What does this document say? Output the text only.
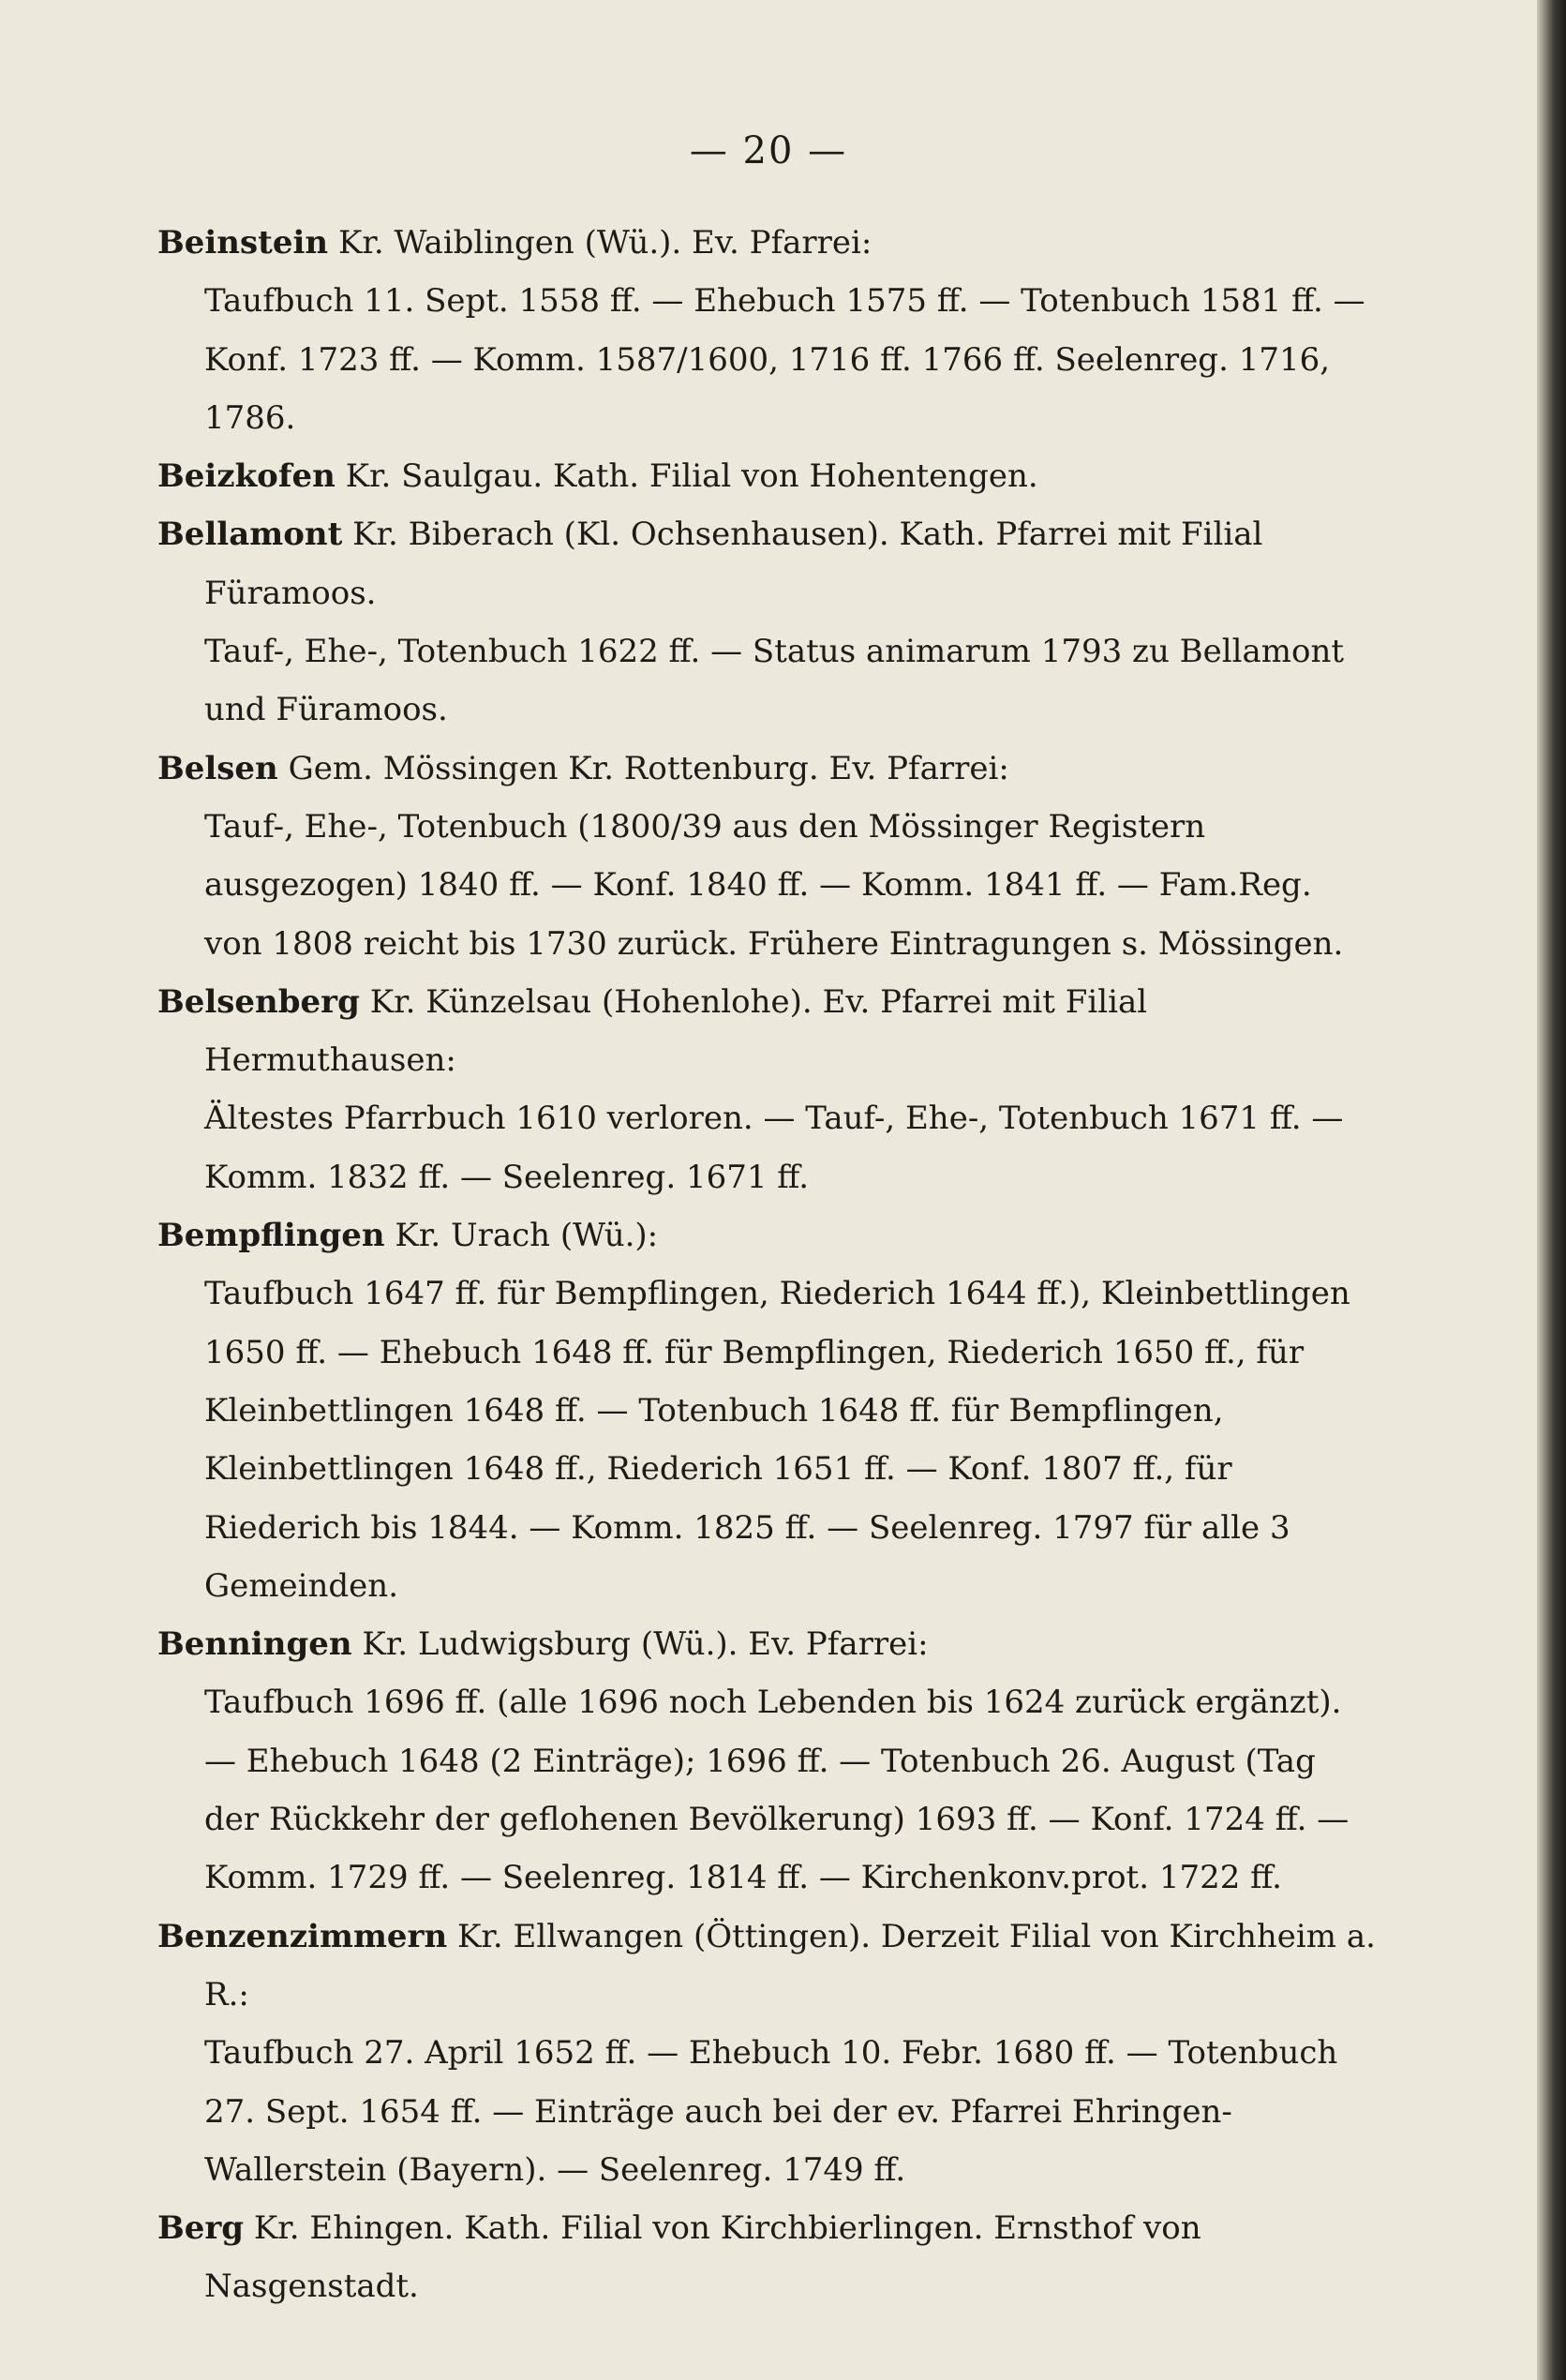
— 20 —
Beinstein Kr. Waiblingen (Wü.). Ev. Pfarrei:
Taufbuch 11. Sept. 1558 ff. — Ehebuch 1575 ff. — Totenbuch 1581 ff. — Konf. 1723 ff. — Komm. 1587/1600, 1716 ff. 1766 ff. Seelenreg. 1716, 1786.
Beizkofen Kr. Saulgau. Kath. Filial von Hohentengen.
Bellamont Kr. Biberach (Kl. Ochsenhausen). Kath. Pfarrei mit Filial Füramoos.
Tauf-, Ehe-, Totenbuch 1622 ff. — Status animarum 1793 zu Bellamont und Füramoos.
Belsen Gem. Mössingen Kr. Rottenburg. Ev. Pfarrei:
Tauf-, Ehe-, Totenbuch (1800/39 aus den Mössinger Registern ausgezogen) 1840 ff. — Konf. 1840 ff. — Komm. 1841 ff. — Fam.Reg. von 1808 reicht bis 1730 zurück. Frühere Eintragungen s. Mössingen.
Belsenberg Kr. Künzelsau (Hohenlohe). Ev. Pfarrei mit Filial Hermuthausen:
Ältestes Pfarrbuch 1610 verloren. — Tauf-, Ehe-, Totenbuch 1671 ff. — Komm. 1832 ff. — Seelenreg. 1671 ff.
Bempflingen Kr. Urach (Wü.):
Taufbuch 1647 ff. für Bempflingen, Riederich 1644 ff.), Kleinbettlingen 1650 ff. — Ehebuch 1648 ff. für Bempflingen, Riederich 1650 ff., für Kleinbettlingen 1648 ff. — Totenbuch 1648 ff. für Bempflingen, Kleinbettlingen 1648 ff., Riederich 1651 ff. — Konf. 1807 ff., für Riederich bis 1844. — Komm. 1825 ff. — Seelenreg. 1797 für alle 3 Gemeinden.
Benningen Kr. Ludwigsburg (Wü.). Ev. Pfarrei:
Taufbuch 1696 ff. (alle 1696 noch Lebenden bis 1624 zurück ergänzt). — Ehebuch 1648 (2 Einträge); 1696 ff. — Totenbuch 26. August (Tag der Rückkehr der geflohenen Bevölkerung) 1693 ff. — Konf. 1724 ff. — Komm. 1729 ff. — Seelenreg. 1814 ff. — Kirchenkonv.prot. 1722 ff.
Benzenzimmern Kr. Ellwangen (Öttingen). Derzeit Filial von Kirchheim a. R.:
Taufbuch 27. April 1652 ff. — Ehebuch 10. Febr. 1680 ff. — Totenbuch 27. Sept. 1654 ff. — Einträge auch bei der ev. Pfarrei Ehringen-Wallerstein (Bayern). — Seelenreg. 1749 ff.
Berg Kr. Ehingen. Kath. Filial von Kirchbierlingen. Ernsthof von Nasgenstadt.
